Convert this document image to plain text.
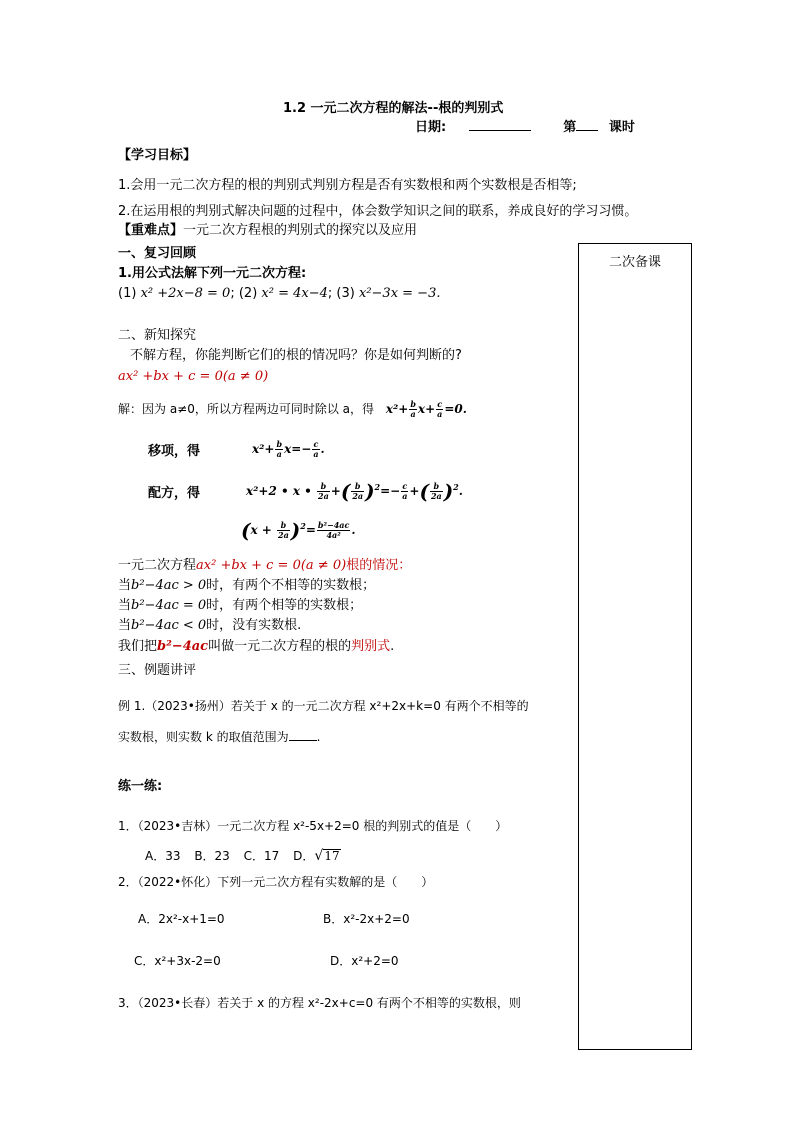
1.2 一元二次方程的解法--根的判别式
日期:	第	课时
【学习目标】
1.会用一元二次方程的根的判别式判别方程是否有实数根和两个实数根是否相等;
2.在运用根的判别式解决问题的过程中，体会数学知识之间的联系，养成良好的学习习惯。
【重难点】一元二次方程根的判别式的探究以及应用
二次备课
一、复习回顾
1.用公式法解下列一元二次方程:
(1) x² +2x−8 = 0; (2) x² = 4x−4; (3) x²−3x = −3.
二、新知探究
不解方程，你能判断它们的根的情况吗？你是如何判断的?
ax² +bx + c = 0(a ≠ 0)
解：因为 a≠0，所以方程两边可同时除以 a，得 $x^2+ \frac{b}{a} x+ \frac{c}{a} =0$.
移项，得	$x^2+ \frac{b}{a} x=- \frac{c}{a}$ .
配方，得	x²+2 • x • $\frac{b}{2a}$ +( $\frac{b}{2a} )^2=- \frac{c}{a}$ +( $\frac{b}{2a} )^2$.
$(x + \frac{b}{2a} )^2= \frac{\text{b²−4ac}}{\text{4a²}}$ .
一元二次方程ax² +bx + c = 0(a ≠ 0)根的情况：
当b²−4ac > 0时，有两个不相等的实数根；
当b²−4ac = 0时，有两个相等的实数根；
当b²−4ac < 0时，没有实数根.
我们把b²−4ac叫做一元二次方程的根的判别式.
三、例题讲评
例 1.（2023•扬州）若关于 x 的一元二次方程 x²+2x+k=0 有两个不相等的
实数根，则实数 k 的取值范围为 .
练一练:
1．（2023•吉林）一元二次方程 x²-5x+2=0 根的判别式的值是（　　）
A．33 B．23 C．17 D．√17
2．（2022•怀化）下列一元二次方程有实数解的是（　　）
A．2x²-x+1=0	B．x²-2x+2=0
C．x²+3x-2=0	D．x²+2=0
3．（2023•长春）若关于 x 的方程 x²-2x+c=0 有两个不相等的实数根，则
